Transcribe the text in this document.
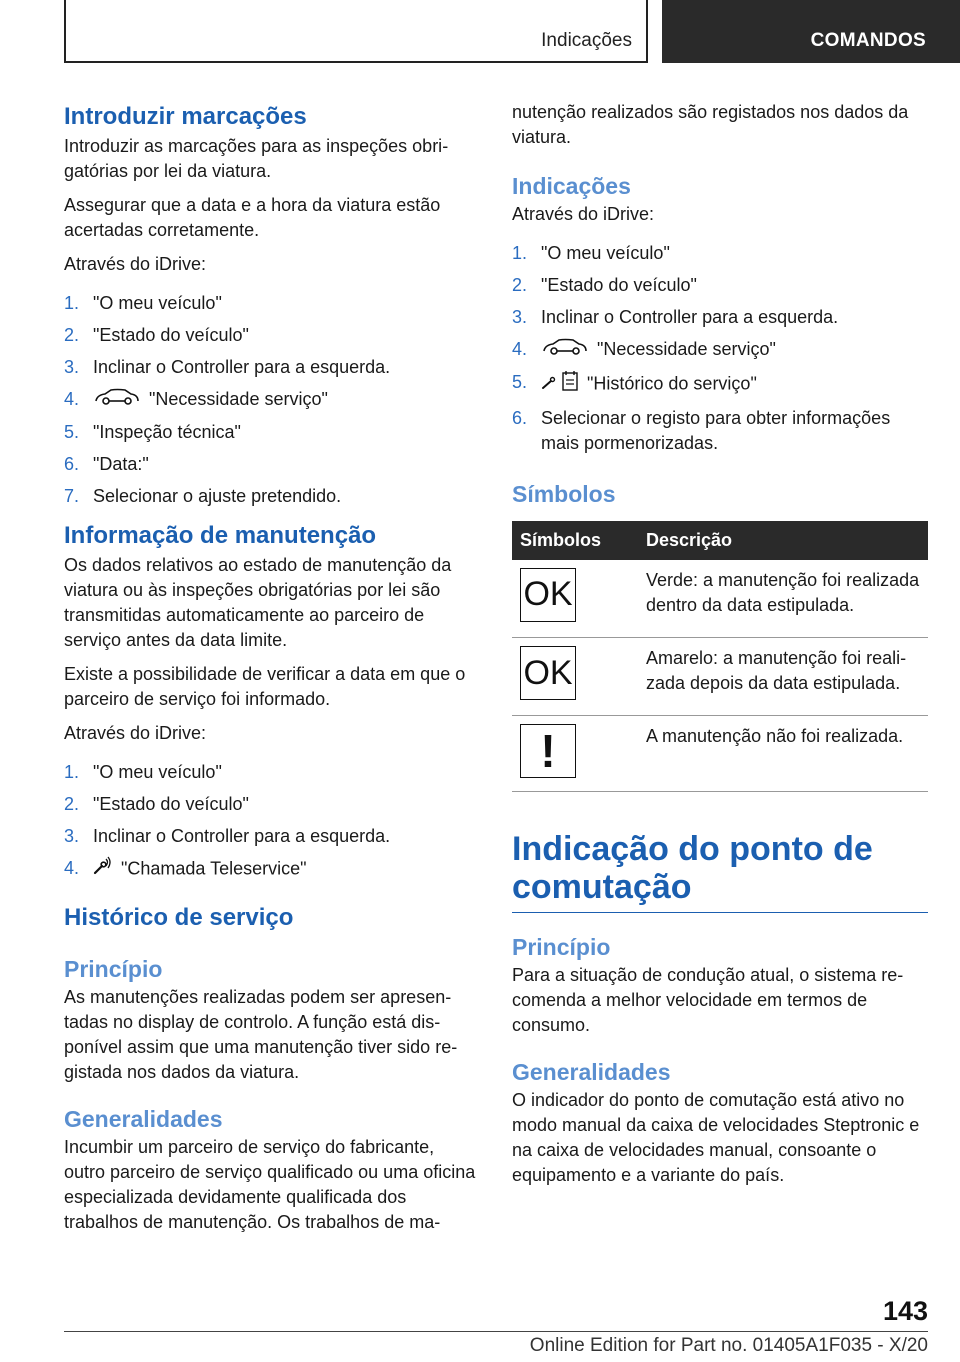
Indicações	COMANDOS
Introduzir marcações

Introduzir as marcações para as inspeções obrigatórias por lei da viatura.

Assegurar que a data e a hora da viatura estão acertadas corretamente.

Através do iDrive:

1. "O meu veículo"
2. "Estado do veículo"
3. Inclinar o Controller para a esquerda.
4.	"Necessidade serviço"
5. "Inspeção técnica"
6. "Data:"
7. Selecionar o ajuste pretendido.
Informação de manutenção

Os dados relativos ao estado de manutenção da viatura ou às inspeções obrigatórias por lei são transmitidas automaticamente ao parceiro de serviço antes da data limite.

Existe a possibilidade de verificar a data em que o parceiro de serviço foi informado.

Através do iDrive:

1. "O meu veículo"
2. "Estado do veículo"
3. Inclinar o Controller para a esquerda.
4. "Chamada Teleservice"
Histórico de serviço
Princípio

As manutenções realizadas podem ser apresentadas no display de controlo. A função está disponível assim que uma manutenção tiver sido registada nos dados da viatura.

Generalidades

Incumbir um parceiro de serviço do fabricante, outro parceiro de serviço qualificado ou uma oficina especializada devidamente qualificada dos trabalhos de manutenção. Os trabalhos de ma-

nutenção realizados são registados nos dados da viatura.

Indicações

Através do iDrive:

1. "O meu veículo"
2. "Estado do veículo"
3. Inclinar o Controller para a esquerda.
4.	"Necessidade serviço"
5.	"Histórico do serviço"
6. Selecionar o registo para obter informações mais pormenorizadas.
Símbolos
Símbolos	Descrição

OK	Verde: a manutenção foi realizada dentro da data estipulada.

OK	Amarelo: a manutenção foi realizada depois da data estipulada.

!	A manutenção não foi realizada.
Indicação do ponto de comutação
Princípio

Para a situação de condução atual, o sistema recomenda a melhor velocidade em termos de consumo.

Generalidades

O indicador do ponto de comutação está ativo no modo manual da caixa de velocidades Steptronic e na caixa de velocidades manual, consoante o equipamento e a variante do país.

143
Online Edition for Part no. 01405A1F035 - X/20
